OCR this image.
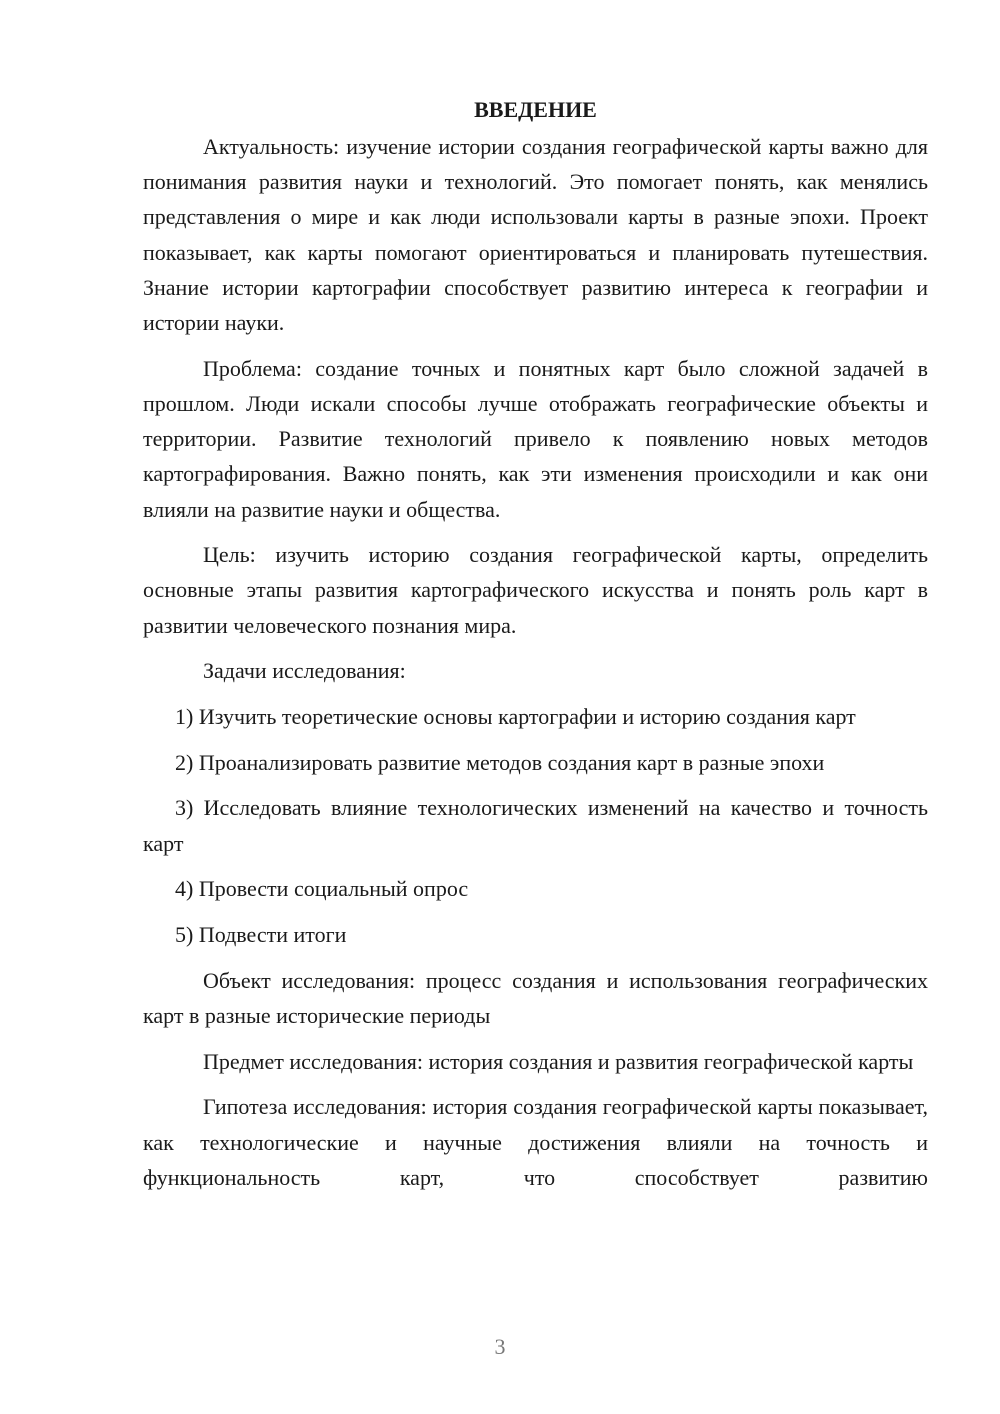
ВВЕДЕНИЕ

Актуальность: изучение истории создания географической карты важно для понимания развития науки и технологий. Это помогает понять, как менялись представления о мире и как люди использовали карты в разные эпохи. Проект показывает, как карты помогают ориентироваться и планировать путешествия. Знание истории картографии способствует развитию интереса к географии и истории науки.

Проблема: создание точных и понятных карт было сложной задачей в прошлом. Люди искали способы лучше отображать географические объекты и территории. Развитие технологий привело к появлению новых методов картографирования. Важно понять, как эти изменения происходили и как они влияли на развитие науки и общества.

Цель: изучить историю создания географической карты, определить основные этапы развития картографического искусства и понять роль карт в развитии человеческого познания мира.

Задачи исследования:

1) Изучить теоретические основы картографии и историю создания карт

2) Проанализировать развитие методов создания карт в разные эпохи

3) Исследовать влияние технологических изменений на качество и точность карт

4) Провести социальный опрос

5) Подвести итоги

Объект исследования: процесс создания и использования географических карт в разные исторические периоды

Предмет исследования: история создания и развития географической карты

Гипотеза исследования: история создания географической карты показывает, как технологические и научные достижения влияли на точность и функциональность карт, что способствует развитию

3
